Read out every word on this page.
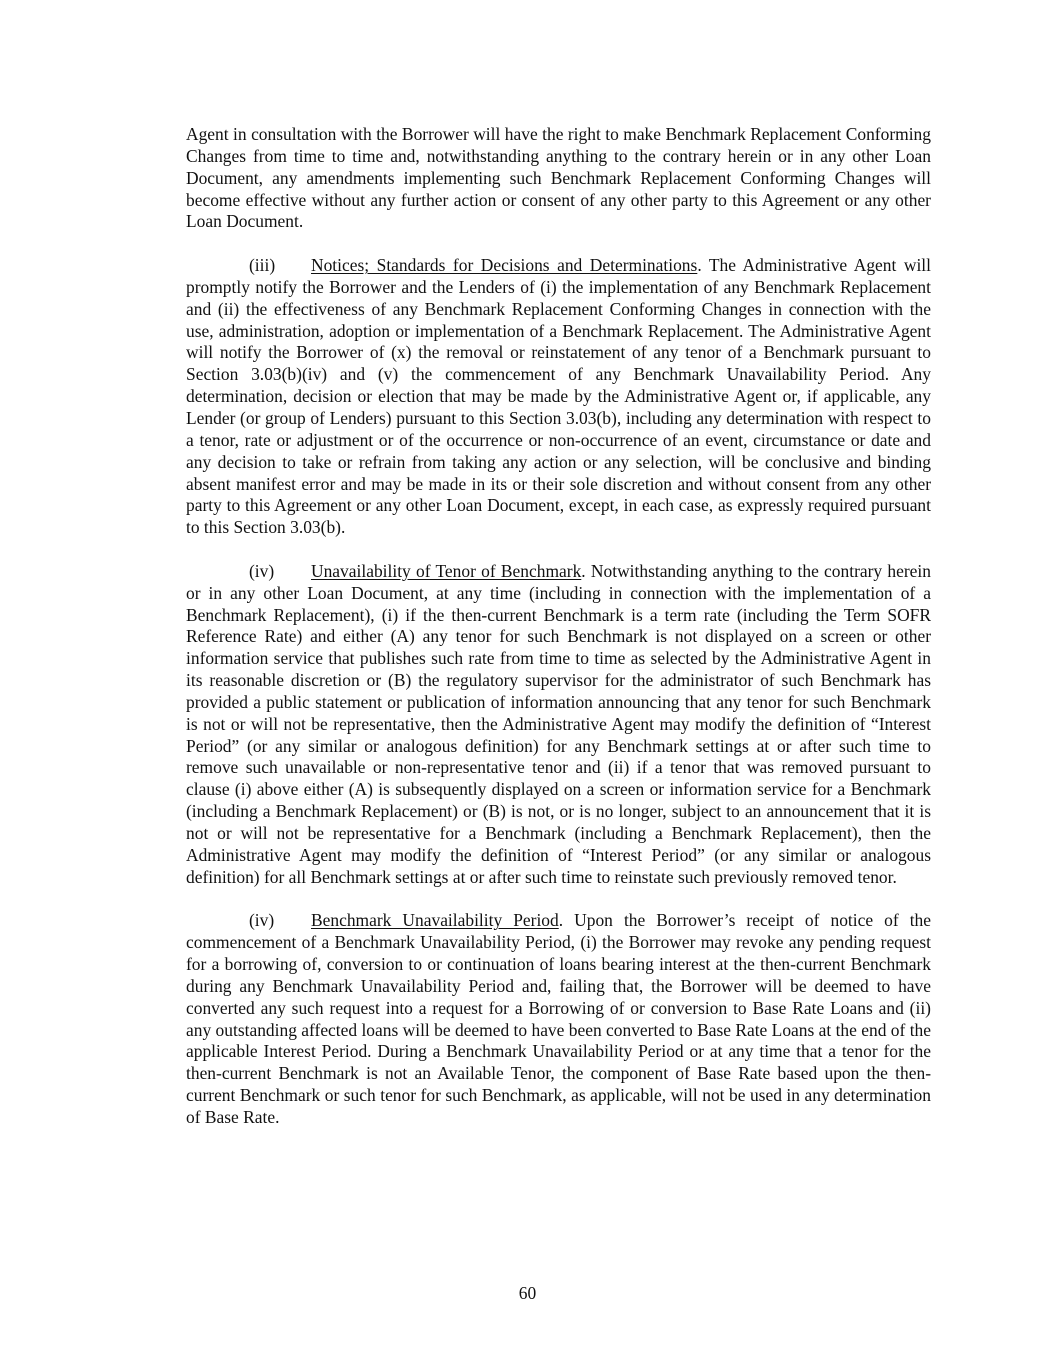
Agent in consultation with the Borrower will have the right to make Benchmark Replacement Conforming Changes from time to time and, notwithstanding anything to the contrary herein or in any other Loan Document, any amendments implementing such Benchmark Replacement Conforming Changes will become effective without any further action or consent of any other party to this Agreement or any other Loan Document.

(iii) Notices; Standards for Decisions and Determinations. The Administrative Agent will promptly notify the Borrower and the Lenders of (i) the implementation of any Benchmark Replacement and (ii) the effectiveness of any Benchmark Replacement Conforming Changes in connection with the use, administration, adoption or implementation of a Benchmark Replacement. The Administrative Agent will notify the Borrower of (x) the removal or reinstatement of any tenor of a Benchmark pursuant to Section 3.03(b)(iv) and (v) the commencement of any Benchmark Unavailability Period. Any determination, decision or election that may be made by the Administrative Agent or, if applicable, any Lender (or group of Lenders) pursuant to this Section 3.03(b), including any determination with respect to a tenor, rate or adjustment or of the occurrence or non-occurrence of an event, circumstance or date and any decision to take or refrain from taking any action or any selection, will be conclusive and binding absent manifest error and may be made in its or their sole discretion and without consent from any other party to this Agreement or any other Loan Document, except, in each case, as expressly required pursuant to this Section 3.03(b).

(iv) Unavailability of Tenor of Benchmark. Notwithstanding anything to the contrary herein or in any other Loan Document, at any time (including in connection with the implementation of a Benchmark Replacement), (i) if the then-current Benchmark is a term rate (including the Term SOFR Reference Rate) and either (A) any tenor for such Benchmark is not displayed on a screen or other information service that publishes such rate from time to time as selected by the Administrative Agent in its reasonable discretion or (B) the regulatory supervisor for the administrator of such Benchmark has provided a public statement or publication of information announcing that any tenor for such Benchmark is not or will not be representative, then the Administrative Agent may modify the definition of “Interest Period” (or any similar or analogous definition) for any Benchmark settings at or after such time to remove such unavailable or non-representative tenor and (ii) if a tenor that was removed pursuant to clause (i) above either (A) is subsequently displayed on a screen or information service for a Benchmark (including a Benchmark Replacement) or (B) is not, or is no longer, subject to an announcement that it is not or will not be representative for a Benchmark (including a Benchmark Replacement), then the Administrative Agent may modify the definition of “Interest Period” (or any similar or analogous definition) for all Benchmark settings at or after such time to reinstate such previously removed tenor.

(iv) Benchmark Unavailability Period. Upon the Borrower’s receipt of notice of the commencement of a Benchmark Unavailability Period, (i) the Borrower may revoke any pending request for a borrowing of, conversion to or continuation of loans bearing interest at the then-current Benchmark during any Benchmark Unavailability Period and, failing that, the Borrower will be deemed to have converted any such request into a request for a Borrowing of or conversion to Base Rate Loans and (ii) any outstanding affected loans will be deemed to have been converted to Base Rate Loans at the end of the applicable Interest Period. During a Benchmark Unavailability Period or at any time that a tenor for the then-current Benchmark is not an Available Tenor, the component of Base Rate based upon the then-current Benchmark or such tenor for such Benchmark, as applicable, will not be used in any determination of Base Rate.

60
